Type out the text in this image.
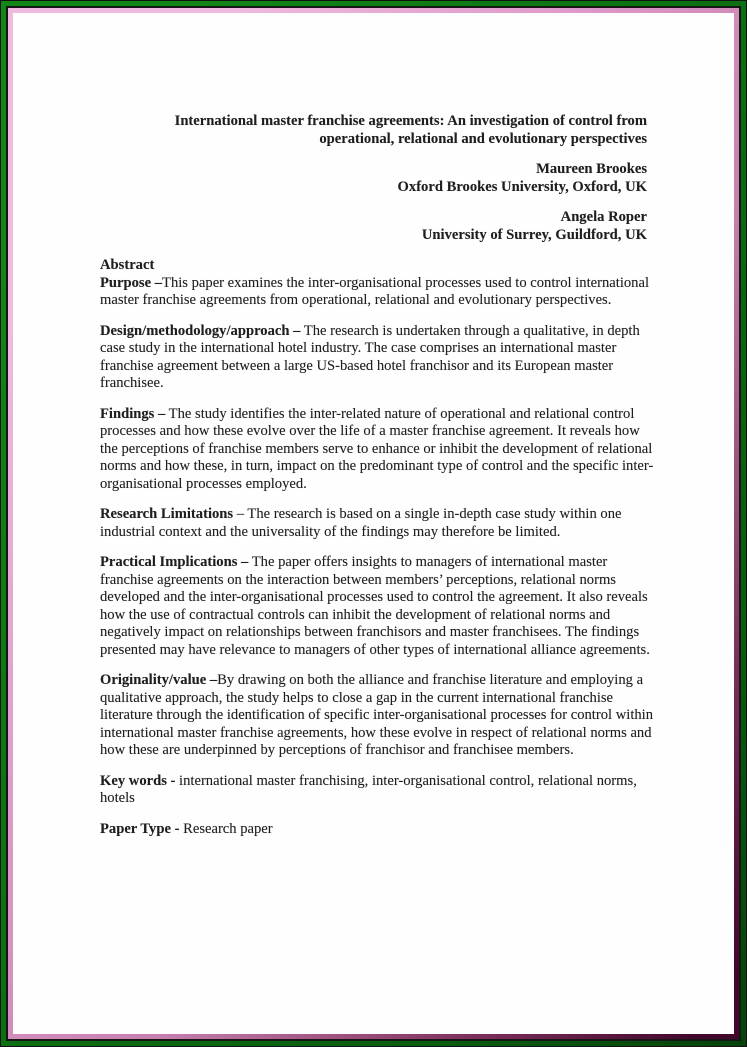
International master franchise agreements: An investigation of control from
operational, relational and evolutionary perspectives
Maureen Brookes
Oxford Brookes University, Oxford, UK
Angela Roper
University of Surrey, Guildford, UK
Abstract

Purpose –This paper examines the inter-organisational processes used to control international master franchise agreements from operational, relational and evolutionary perspectives.

Design/methodology/approach – The research is undertaken through a qualitative, in depth case study in the international hotel industry. The case comprises an international master franchise agreement between a large US-based hotel franchisor and its European master franchisee.

Findings – The study identifies the inter-related nature of operational and relational control processes and how these evolve over the life of a master franchise agreement. It reveals how the perceptions of franchise members serve to enhance or inhibit the development of relational norms and how these, in turn, impact on the predominant type of control and the specific inter-organisational processes employed.

Research Limitations – The research is based on a single in-depth case study within one industrial context and the universality of the findings may therefore be limited.

Practical Implications – The paper offers insights to managers of international master franchise agreements on the interaction between members’ perceptions, relational norms developed and the inter-organisational processes used to control the agreement. It also reveals how the use of contractual controls can inhibit the development of relational norms and negatively impact on relationships between franchisors and master franchisees. The findings presented may have relevance to managers of other types of international alliance agreements.

Originality/value –By drawing on both the alliance and franchise literature and employing a qualitative approach, the study helps to close a gap in the current international franchise literature through the identification of specific inter-organisational processes for control within international master franchise agreements, how these evolve in respect of relational norms and how these are underpinned by perceptions of franchisor and franchisee members.

Key words - international master franchising, inter-organisational control, relational norms, hotels

Paper Type - Research paper
